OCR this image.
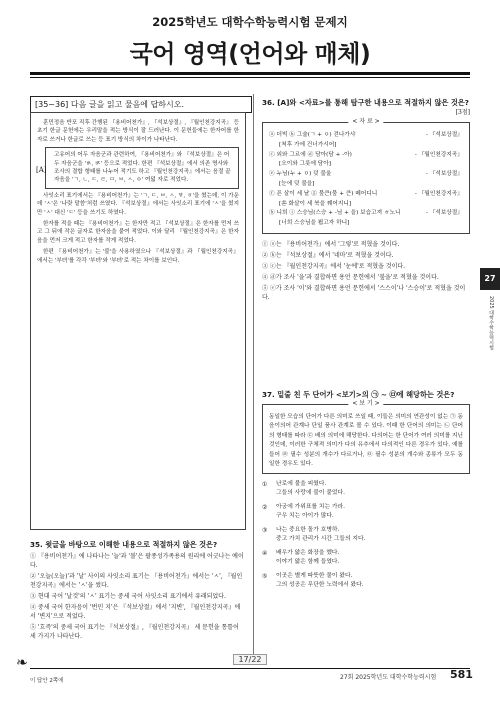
2025학년도 대학수학능력시험 문제지
국어 영역(언어와 매체)
[35~36] 다음 글을 읽고 물음에 답하시오.

훈민정음 반포 직후 간행된 『용비어천가』, 『석보상절』, 『월인천강지곡』 등 초기 한글 문헌에는 우리말을 적는 방식이 잘 드러난다. 이 문헌들에는 한자어를 한자로 쓰거나 한글로 쓰는 등 표기 방식의 차이가 나타난다.

[A]
고유어의 어두 자음군과 관련하여, 『용비어천가』와 『석보상절』은 어두 자음군을 'ㅄ, ㅶ' 등으로 적었다. 한편 『석보상절』에서 의존 명사와 조사의 결합 형태를 나누어 적기도 하고 『월인천강지곡』에서는 음절 끝 자음을 'ㄱ, ㄴ, ㄷ, ㄹ, ㅁ, ㅂ, ㅅ, ㆁ' 여덟 자로 적었다.

사잇소리 표기에서는 『용비어천가』는 'ㄱ, ㄷ, ㅂ, ㅅ, ㅸ, ㆆ'을 썼는데, 이 가운데 'ㅅ'은 '나랏 말씀'처럼 쓰였다. 『석보상절』에서는 사잇소리 표기에 'ㅅ'을 썼지만 'ㅅ' 대신 'ㄷ' 등을 쓰기도 하였다.

한자를 적을 때는 『용비어천가』는 한자만 적고 『석보상절』은 한자를 먼저 쓰고 그 뒤에 작은 글자로 한자음을 붙여 적었다. 이와 달리 『월인천강지곡』은 한자음을 먼저 크게 적고 한자를 작게 적었다.

한편 『용비어천가』는 '불'을 사용하였으나 『석보상절』과 『월인천강지곡』에서는 '부텨'를 각각 '부텨'와 '부텨'로 적는 차이를 보인다.

35. 윗글을 바탕으로 이해한 내용으로 적절하지 않은 것은?
① 『용비어천가』에 나타나는 '늘'과 '볼'은 팔종성가족용의 원리에 어긋나는 예이다.
② '오늘(오늘)'과 '날' 사이의 사잇소리 표기는 『용비어천가』에서는 'ㅅ', 『월인천강지곡』에서는 'ㅅ'을 썼다.
③ 현대 국어 '날것'의 'ㅅ' 표기는 중세 국어 사잇소리 표기에서 유래되었다.
④ 중세 국어 한자음이 '번민 지'은 『석보상절』에서 '지변', 『월인천강지곡』에서 '변지'으로 적었다.
⑤ '흐즉'의 중세 국어 표기는 『석보상절』, 『월인천강지곡』 세 문헌을 통틀어 세 가지가 나타난다.
36. [A]와 <자료>를 통해 탐구한 내용으로 적절하지 않은 것은?
[3점]
< 자 료 >
ⓐ 더빅 ⓑ 그술(ㄱ + ㅇ) 걷나가샤	- 『석보상절』
[척후 가에 건너가시어]
ⓒ 외와 그르에 ⓓ 담아(담 + -아)	- 『월인천강지곡』
[오이와 그릇에 담아]
ⓔ 누님(누 + ㅇ) 덧 불울	- 『석보상절』
[눈에 덧 불을]
ⓕ 픈 살이 세 낱 ⓖ 붚큰(붚 + 큰) 떼어디니	- 『월인천강지곡』
[쏜 화살이 세 북을 꿰어지니]
ⓗ 니희 ⓘ 스승님(스승 + -님 + 을) 보습고져 ㅎ노니	- 『석보상절』
[너희 스승님을 뵙고자 하니]
① ⓐ는 『용비어천가』에서 '그렇'로 적혔을 것이다.
② ⓑ는 『석보상절』에서 '네마'로 적혔을 것이다.
③ ⓒ는 『월인천강지곡』에서 '눈에'로 적혔을 것이다.
④ ⓓ가 조사 '을'과 결합하면 용언 문헌에서 '붚을'로 적혔을 것이다.
⑤ ⓔ가 조사 '이'와 결합하면 용언 문헌에서 '스스이'나 '스승이'로 적혔을 것이다.
37. 밑줄 친 두 단어가 <보기>의 ㉠ ~ ㉤에 해당하는 것은?
< 보 기 >
동일한 모습의 단어가 다른 의미로 쓰일 때, 이들은 의미의 연관성이 없는 ㉠ 동음이의어 관계나 단일 품사 관계로 볼 수 있다. 이때 한 단어의 의미는 ㉡ 단어의 형태를 따라 ㉢ 배의 의미에 해당한다. 다의어는 한 단어가 여러 의미를 지닌 것인데, 이러한 구체적 의미가 다의 유추에서 다의적인 다른 경우가 있다. 예를 들어 ㉣ 필수 성분의 개수가 다르거나, ㉤ 필수 성분의 개수와 종류가 모두 동일한 경우도 있다.
①	난로에 불을 피웠다.
그들의 사랑에 불이 붙었다.
②	아궁에 가위표를 치는 가라.
구우 치는 아이가 많다.
③	나는 중요한 돌가 호병하.
중고 가치 관리가 시간 그들의 지다.
④	배우가 얇은 화장을 했다.
이야기 얇은 함께 들였다.
⑤	이곳은 별게 따뜻한 물이 왔다.
그의 성공은 무단한 노력에서 왔다.
27
2025 대학수학능력시험
❧	17/22
이 답안 2쪽에	27회 2025학년도 대학수학능력시험 581
